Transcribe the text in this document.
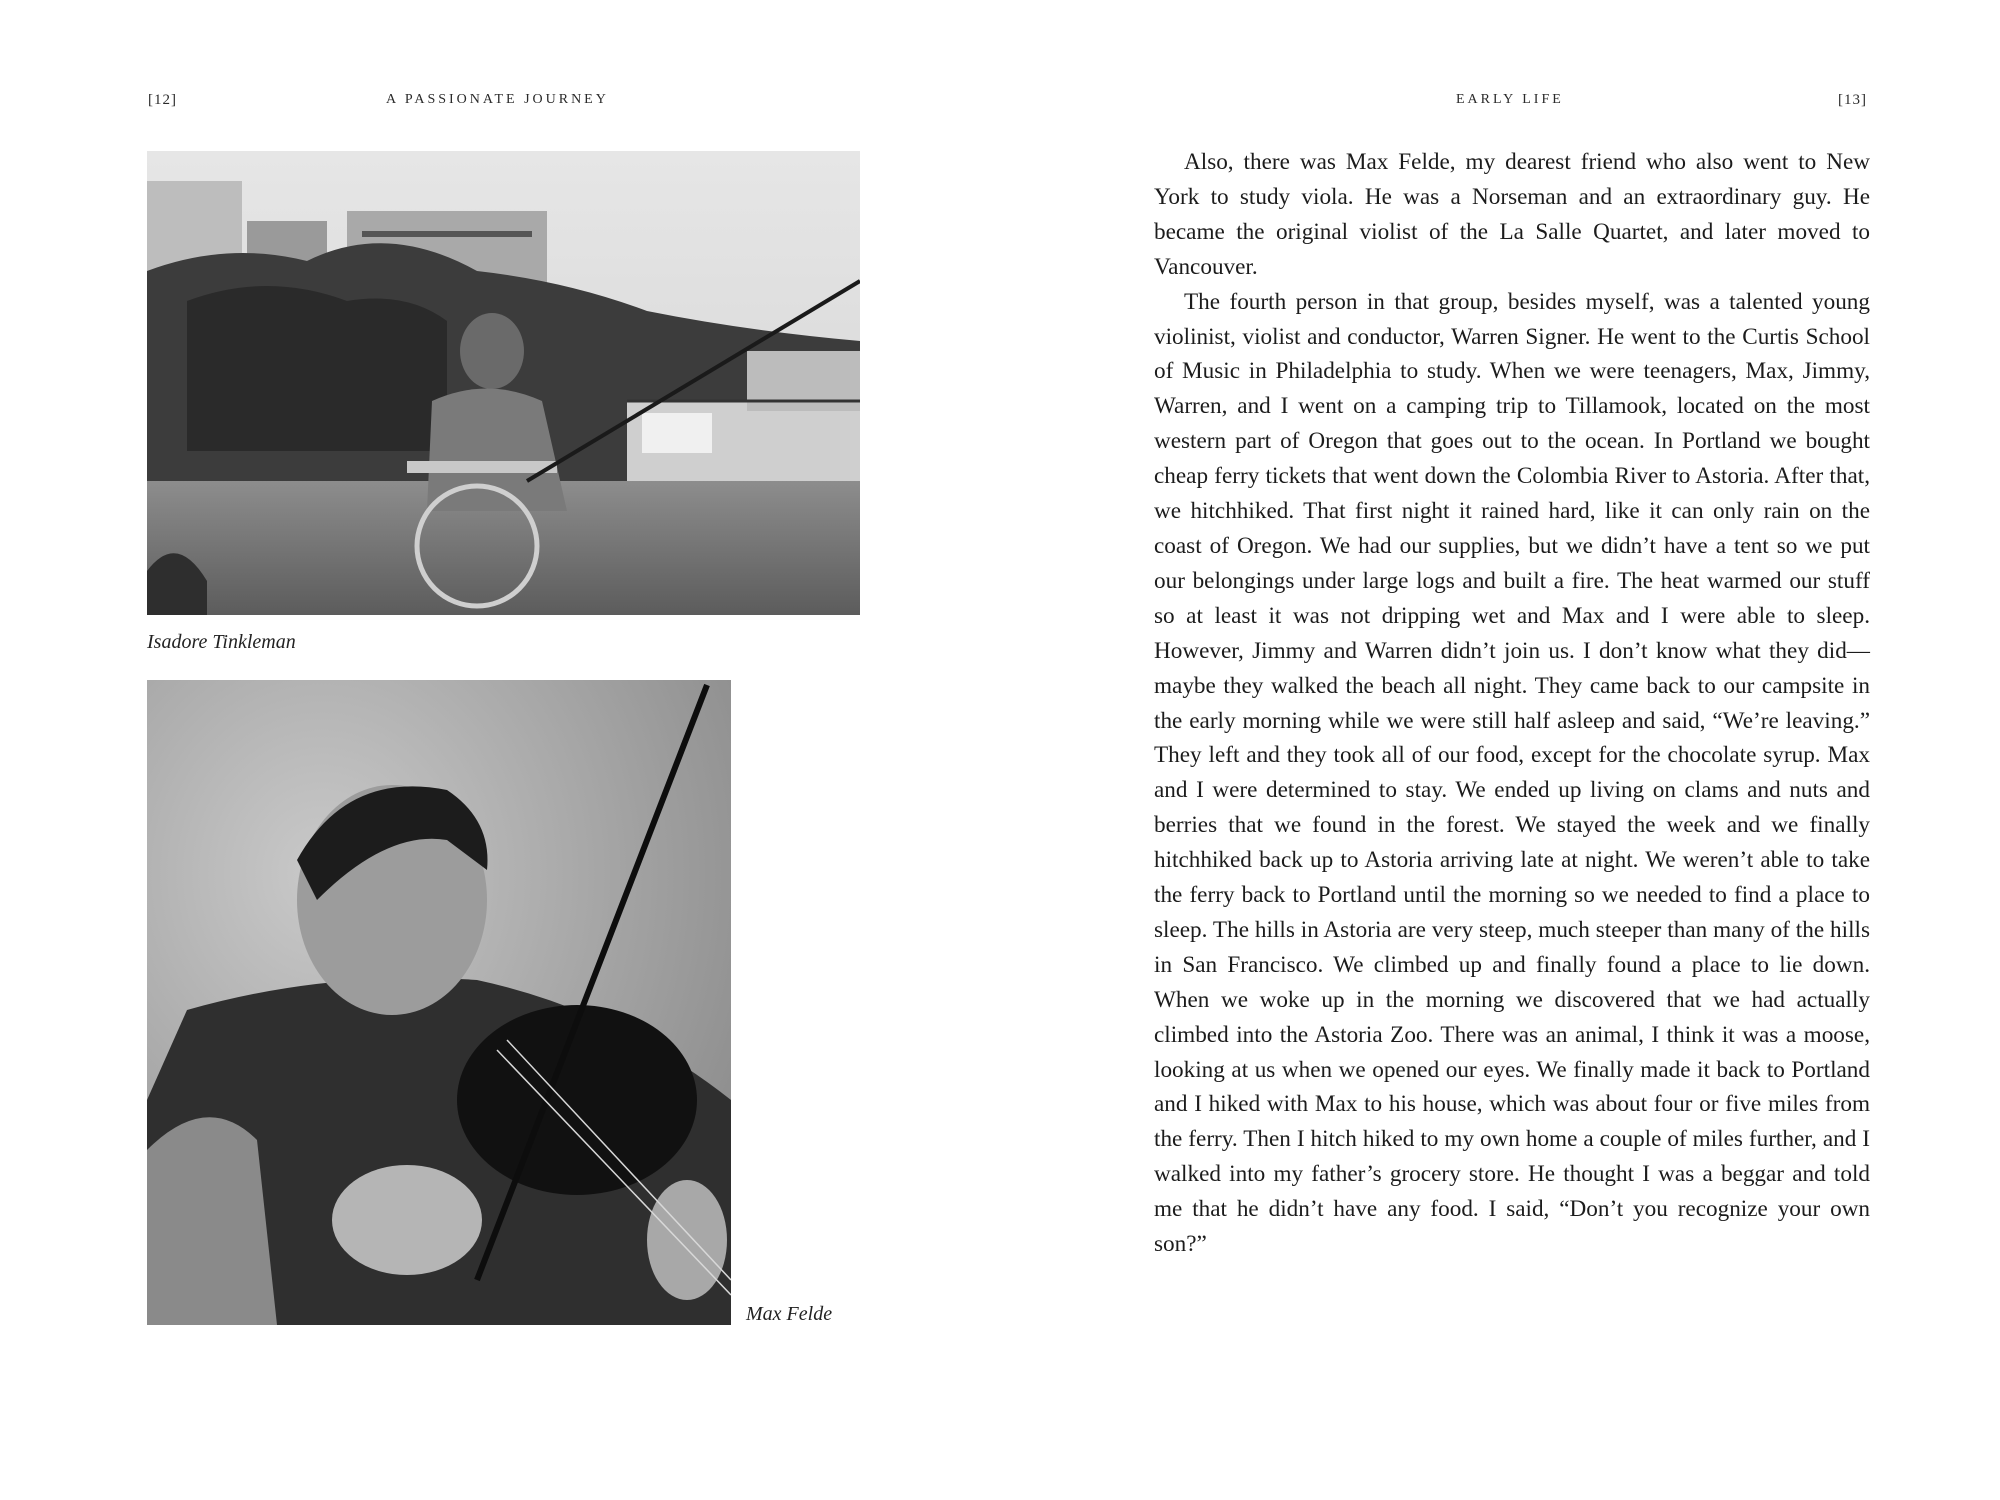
[12]	A PASSIONATE JOURNEY
Isadore Tinkleman
Max Felde
EARLY LIFE	[13]

Also, there was Max Felde, my dearest friend who also went to New York to study viola. He was a Norseman and an extraordinary guy. He became the original violist of the La Salle Quartet, and later moved to Vancouver.

The fourth person in that group, besides myself, was a talented young violinist, violist and conductor, Warren Signer. He went to the Curtis School of Music in Philadelphia to study. When we were teenagers, Max, Jimmy, Warren, and I went on a camping trip to Tillamook, located on the most western part of Oregon that goes out to the ocean. In Portland we bought cheap ferry tickets that went down the Colombia River to Astoria. After that, we hitchhiked. That first night it rained hard, like it can only rain on the coast of Oregon. We had our supplies, but we didn’t have a tent so we put our belongings under large logs and built a fire. The heat warmed our stuff so at least it was not dripping wet and Max and I were able to sleep. However, Jimmy and Warren didn’t join us. I don’t know what they did—maybe they walked the beach all night. They came back to our campsite in the early morning while we were still half asleep and said, “We’re leaving.” They left and they took all of our food, except for the chocolate syrup. Max and I were determined to stay. We ended up living on clams and nuts and berries that we found in the forest. We stayed the week and we finally hitchhiked back up to Astoria arriving late at night. We weren’t able to take the ferry back to Portland until the morning so we needed to find a place to sleep. The hills in Astoria are very steep, much steeper than many of the hills in San Francisco. We climbed up and finally found a place to lie down. When we woke up in the morning we discovered that we had actually climbed into the Astoria Zoo. There was an animal, I think it was a moose, looking at us when we opened our eyes. We finally made it back to Portland and I hiked with Max to his house, which was about four or five miles from the ferry. Then I hitch hiked to my own home a couple of miles further, and I walked into my father’s grocery store. He thought I was a beggar and told me that he didn’t have any food. I said, “Don’t you recognize your own son?”
